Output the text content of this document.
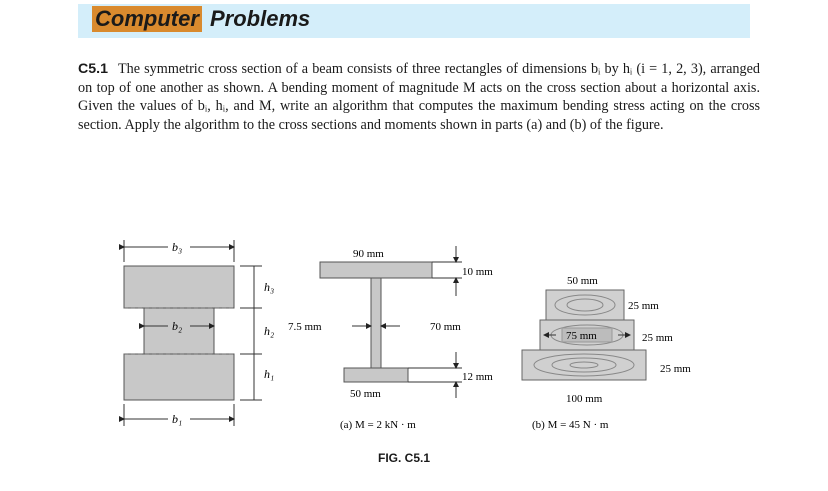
Computer Problems
C5.1 The symmetric cross section of a beam consists of three rectangles of dimensions bᵢ by hᵢ (i = 1, 2, 3), arranged on top of one another as shown. A bending moment of magnitude M acts on the cross section about a horizontal axis. Given the values of bᵢ, hᵢ, and M, write an algorithm that computes the maximum bending stress acting on the cross section. Apply the algorithm to the cross sections and moments shown in parts (a) and (b) of the figure.
b₃
b₂
b₁
h₃
h₂
h₁
90 mm
10 mm
7.5 mm	70 mm
12 mm
50 mm
(a) M = 2 kN · m
50 mm
25 mm
75 mm	25 mm
25 mm
100 mm
(b) M = 45 N · m
FIG. C5.1
